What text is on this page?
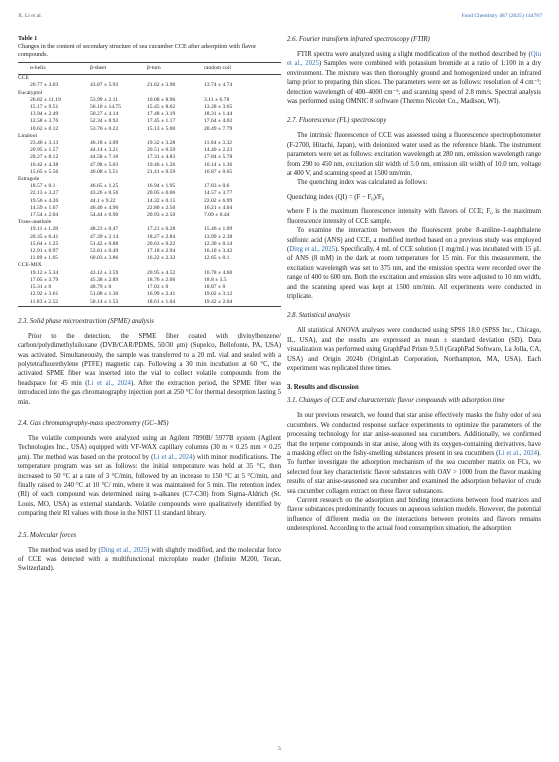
X. Li et al.	Food Chemistry 487 (2025) 144767

Table 1

Changes in the content of secondary structure of sea cucumber CCE after adsorption with flavor compounds.

α-helix	β-sheet	β-turn	random coil
CCE			
20.77 ± 3.03	43.87 ± 5.93	21.62 ± 3.90	13.74 ± 4.74
Eucalyptol			
26.82 ± 11.19	53.99 ± 2.11	10.08 ± 8.96	3.11 ± 6.78
15.17 ± 9.51	56.10 ± 14.75	15.45 ± 8.62	13.28 ± 3.65
13.94 ± 2.49	50.27 ± 4.14	17.48 ± 3.19	18.31 ± 1.44
12.58 ± 3.76	52.34 ± 8.92	17.45 ± 1.17	17.64 ± 4.02
10.62 ± 0.12	53.76 ± 0.22	15.13 ± 5.00	20.49 ± 7.79
Linalool			
23.46 ± 3.13	46.18 ± 3.09	19.32 ± 3.28	11.04 ± 3.32
20.95 ± 1.57	44.14 ± 3.21	20.51 ± 0.59	14.40 ± 2.23
20.27 ± 8.12	44.58 ± 7.16	17.31 ± 4.83	17.84 ± 5.78
16.42 ± 4.38	47.98 ± 5.03	19.46 ± 1.26	16.14 ± 1.36
15.65 ± 5.56	46.08 ± 5.51	21.41 ± 0.59	16.87 ± 0.65
Estragole			
18.57 ± 0.1	46.65 ± 1.25	16.94 ± 1.95	17.83 ± 0.6
22.13 ± 3.27	43.26 ± 0.56	20.05 ± 0.06	14.57 ± 3.77
19.56 ± 4.26	44.1 ± 9.22	14.32 ± 0.15	22.02 ± 6.99
14.59 ± 1.67	46.40 ± 4.96	22.80 ± 2.50	16.21 ± 4.04
17.54 ± 2.04	54.44 ± 0.90	20.93 ± 2.50	7.09 ± 0.44
Trans-anethole			
19.11 ± 1.28	48.23 ± 0.47	17.21 ± 0.28	15.46 ± 1.09
20.35 ± 6.41	47.39 ± 2.14	18.27 ± 2.84	13.99 ± 2.38
15.64 ± 1.25	51.42 ± 0.88	20.63 ± 0.22	12.30 ± 0.14
12.91 ± 0.97	53.81 ± 0.49	17.18 ± 2.94	16.10 ± 3.42
11.09 ± 1.65	60.03 ± 3.86	16.22 ± 2.32	12.65 ± 0.1
CCE-MIX			
19.12 ± 5.34	43.12 ± 3.59	20.95 ± 4.52	16.78 ± 4.60
17.05 ± 3.79	45.38 ± 2.89	18.76 ± 2.06	18.8 ± 3.5
15.31 ± 0	48.79 ± 0	17.03 ± 0	18.87 ± 0
12.92 ± 3.61	51.08 ± 1.30	16.99 ± 2.41	19.02 ± 3.12
11.83 ± 2.52	50.14 ± 1.53	18.61 ± 1.04	19.42 ± 2.04

2.3. Solid phase microextraction (SPME) analysis

Prior to the detection, the SPME fiber coated with divinylbenzene/ carbon/polydimethylsiloxane (DVB/CAR/PDMS, 50/30 μm) (Supelco, Bellefonte, PA, USA) was activated. Simultaneously, the sample was transferred to a 20 mL vial and sealed with a polytetrafluorethylene (PTFE) magnetic cap. Following a 30 min incubation at 60 °C, the activated SPME fiber was inserted into the vial to collect volatile compounds from the headspace for 45 min (Li et al., 2024). After the extraction period, the SPME fiber was introduced into the gas chromatography injection port at 250 °C for thermal desorption lasting 5 min.

2.4. Gas chromatography-mass spectrometry (GC–MS)

The volatile compounds were analyzed using an Agilent 7890B/ 5977B system (Agilent Technologies Inc., USA) equipped with VF-WAX capillary columns (30 m × 0.25 mm × 0.25 μm). The method was based on the protocol by (Li et al., 2024) with minor modifications. The temperature program was set as follows: the initial temperature was held at 35 °C, then increased to 50 °C at a rate of 3 °C/min, followed by an increase to 150 °C at 5 °C/min, and finally raised to 240 °C at 10 °C/ min, where it was maintained for 5 min. The retention index (RI) of each compound was determined using n-alkanes (C7-C30) from Sigma-Aldrich (St. Louis, MO, USA) as external standards. Volatile compounds were qualitatively identified by comparing their RI values with those in the NIST 11 standard library.

2.5. Molecular forces

The method was used by (Ding et al., 2025) with slightly modified, and the molecular force of CCE was detected with a multifunctional microplate reader (Infinite M200, Tecan, Switzerland).

2.6. Fourier transform infrared spectroscopy (FTIR)

FTIR spectra were analyzed using a slight modification of the method described by (Qiu et al., 2025) Samples were combined with potassium bromide at a ratio of 1:100 in a dry environment. The mixture was then thoroughly ground and homogenized under an infrared lamp prior to preparing thin slices. The parameters were set as follows: resolution of 4 cm⁻¹; detection wavelength of 400–4000 cm⁻¹; and scanning speed of 2.8 mm/s. Spectral analysis was performed using OMNIC 8 software (Thermo Nicolet Co., Madison, WI).

2.7. Fluorescence (FL) spectroscopy

The intrinsic fluorescence of CCE was assessed using a fluorescence spectrophotometer (F-2700, Hitachi, Japan), with deionized water used as the reference blank. The instrument parameters were set as follows: excitation wavelength at 280 nm, emission wavelength range from 290 to 450 nm, excitation slit width of 5.0 nm, emission slit width of 10.0 nm, voltage at 400 V, and scanning speed at 1500 nm/min.

The quenching index was calculated as follows:

Quenching index (QI) = (F − F₀)/F₀

where F is the maximum fluorescence intensity with flavors of CCE; F₀ is the maximum fluorescence intensity of CCE sample.

To examine the interaction between the fluorescent probe 8-aniline-1-naphthalene sulfonic acid (ANS) and CCE, a modified method based on a previous study was employed (Ding et al., 2025). Specifically, 4 mL of CCE solution (1 mg/mL) was incubated with 15 μL of ANS (8 mM) in the dark at room temperature for 15 min. For this measurement, the excitation wavelength was set to 375 nm, and the emission spectra were recorded over the range of 400 to 600 nm. Both the excitation and emission slits were adjusted to 10 nm width, and the scanning speed was kept at 1500 nm/min. All experiments were conducted in triplicate.

2.8. Statistical analysis

All statistical ANOVA analyses were conducted using SPSS 18.0 (SPSS Inc., Chicago, IL, USA), and the results are expressed as mean ± standard deviation (SD). Data visualization was performed using GraphPad Prism 9.5.0 (GraphPad Software, La Jolla, CA, USA) and Origin 2024b (OriginLab Corporation, Northampton, MA, USA). Each experiment was replicated three times.

3. Results and discussion

3.1. Changes of CCE and characteristic flavor compounds with adsorption time

In our previous research, we found that star anise effectively masks the fishy odor of sea cucumbers. We conducted response surface experiments to optimize the parameters of the processing technology for star anise-seasoned sea cucumbers. Additionally, we confirmed that the terpene compounds in star anise, along with its oxygen-containing derivatives, have a masking effect on the fishy-smelling substances present in sea cucumbers (Li et al., 2024). To further investigate the adsorption mechanism of the sea cucumber matrix on FCs, we selected four key characteristic flavor substances with OAV > 1000 from the flavor masking results of star anise-seasoned sea cucumber and examined the adsorption behavior of crude sea cucumber collagen extract on these flavor substances.

Current research on the adsorption and binding interactions between food matrices and flavor substances predominantly focuses on aqueous solution models. However, the potential influence of different media on the interactions between proteins and flavors remains underexplored. According to the actual food consumption situation, the adsorption

5
